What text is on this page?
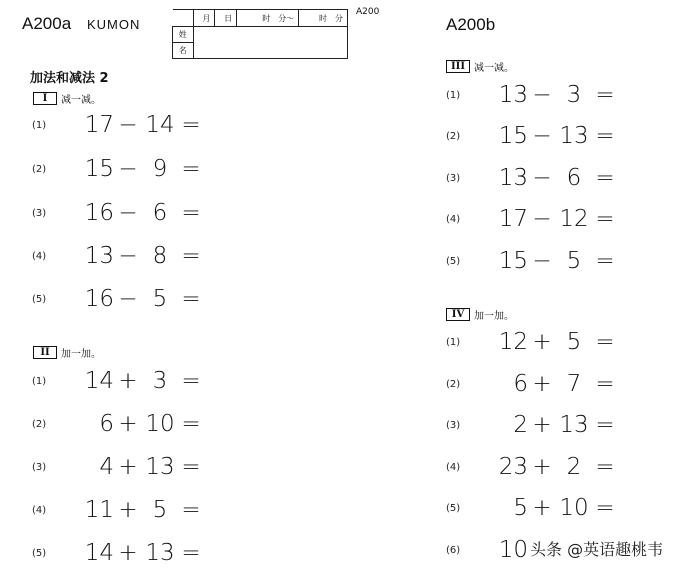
A200a KUMON
A200
	月	日	时　分～	时　分
姓				
名				
加法和减法 2
I	减一减。
(1)	17 − 14 =
(2)	15 − 9 =
(3)	16 − 6 =
(4)	13 − 8 =
(5)	16 − 5 =
II	加一加。
(1)	14 + 3 =
(2)	6 + 10 =
(3)	4 + 13 =
(4)	11 + 5 =
(5)	14 + 13 =
A200b
III 减一减。
(1)	13 − 3 =
(2)	15 − 13 =
(3)	13 − 6 =
(4)	17 − 12 =
(5)	15 − 5 =
IV 加一加。
(1)	12 + 5 =
(2)	6 + 7 =
(3)	2 + 13 =
(4)	23 + 2 =
(5)	5 + 10 =
(6)	10 头条 @英语趣桃韦
